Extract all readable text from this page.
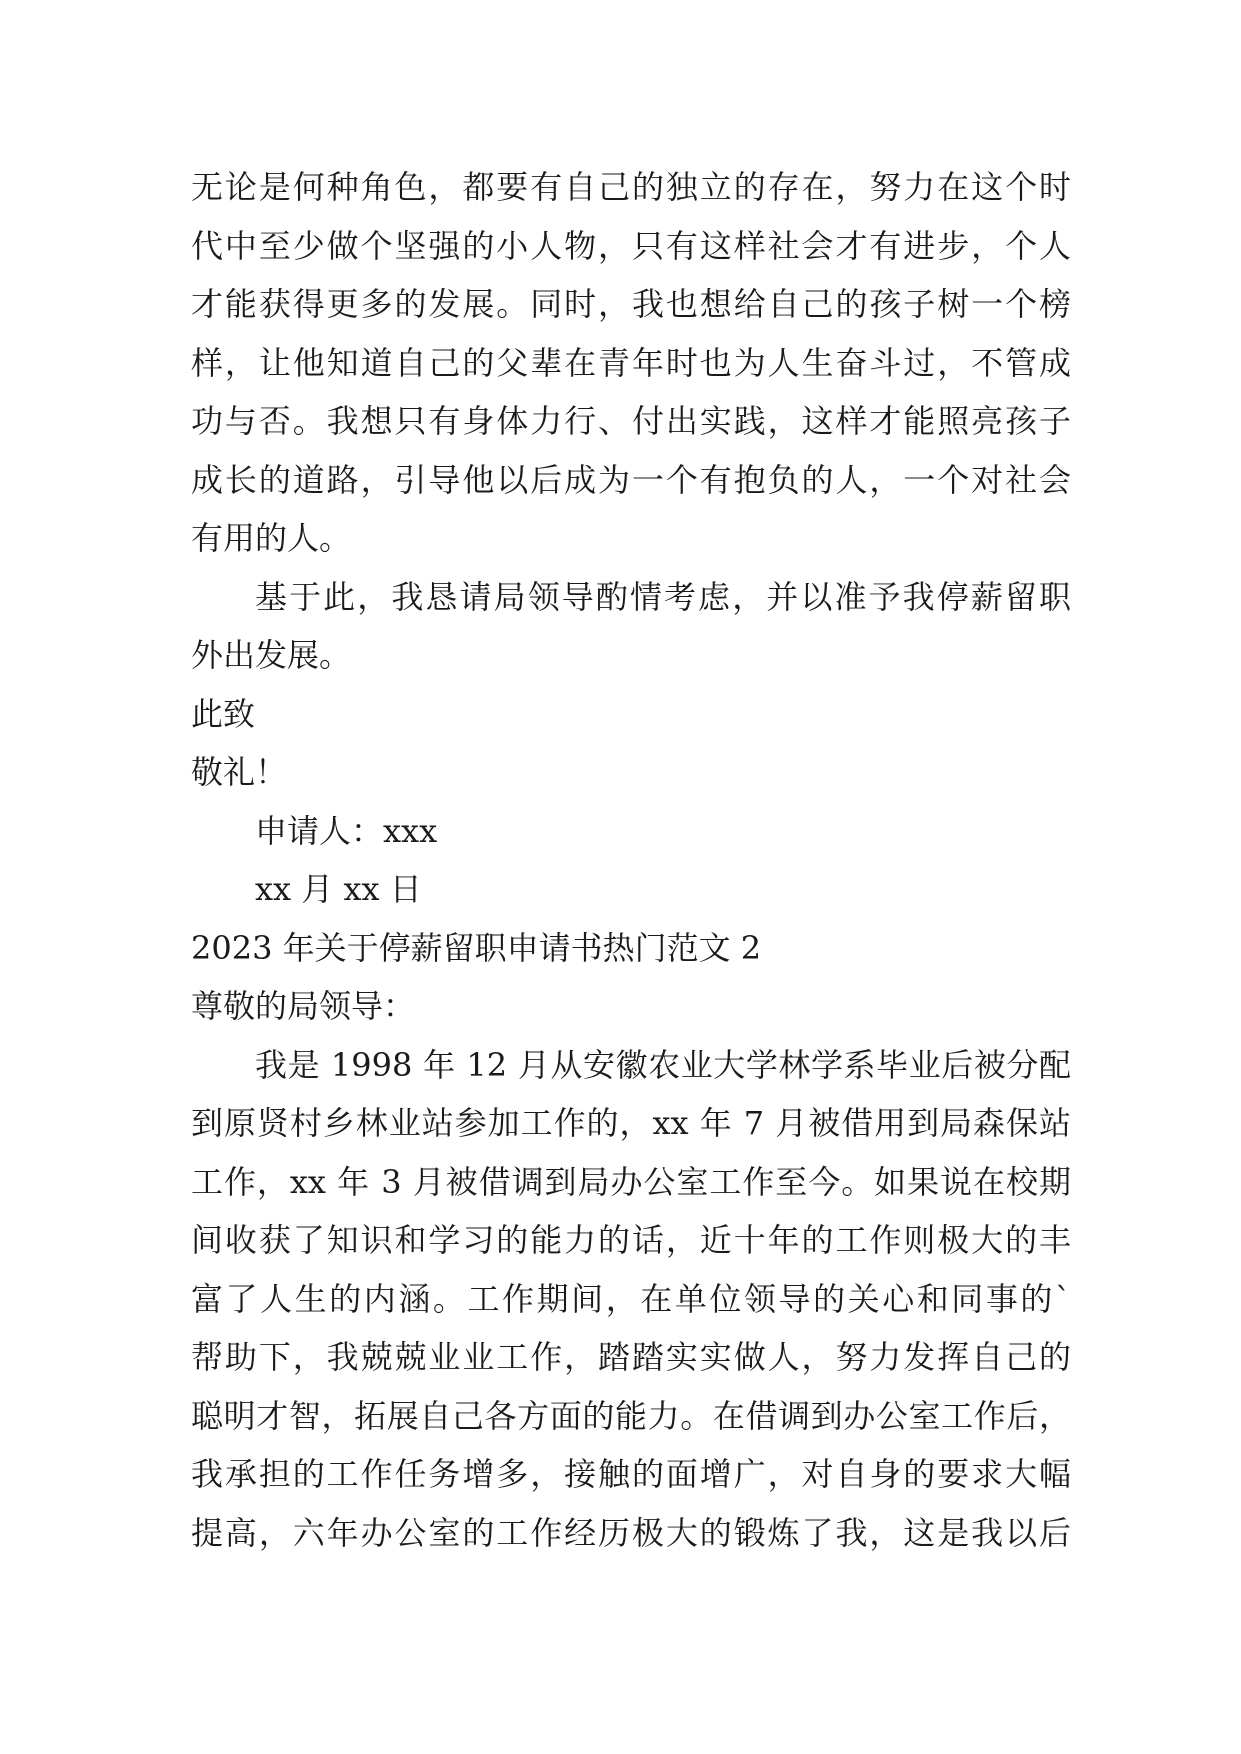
无论是何种角色，都要有自己的独立的存在，努力在这个时
代中至少做个坚强的小人物，只有这样社会才有进步，个人
才能获得更多的发展。同时，我也想给自己的孩子树一个榜
样，让他知道自己的父辈在青年时也为人生奋斗过，不管成
功与否。我想只有身体力行、付出实践，这样才能照亮孩子
成长的道路，引导他以后成为一个有抱负的人，一个对社会
有用的人。
基于此，我恳请局领导酌情考虑，并以准予我停薪留职
外出发展。
此致
敬礼！
申请人：xxx
xx 月 xx 日
2023 年关于停薪留职申请书热门范文 2
尊敬的局领导：
我是 1998 年 12 月从安徽农业大学林学系毕业后被分配
到原贤村乡林业站参加工作的，xx 年 7 月被借用到局森保站
工作，xx 年 3 月被借调到局办公室工作至今。如果说在校期
间收获了知识和学习的能力的话，近十年的工作则极大的丰
富了人生的内涵。工作期间，在单位领导的关心和同事的`
帮助下，我兢兢业业工作，踏踏实实做人，努力发挥自己的
聪明才智，拓展自己各方面的能力。在借调到办公室工作后，
我承担的工作任务增多，接触的面增广，对自身的要求大幅
提高，六年办公室的工作经历极大的锻炼了我，这是我以后
